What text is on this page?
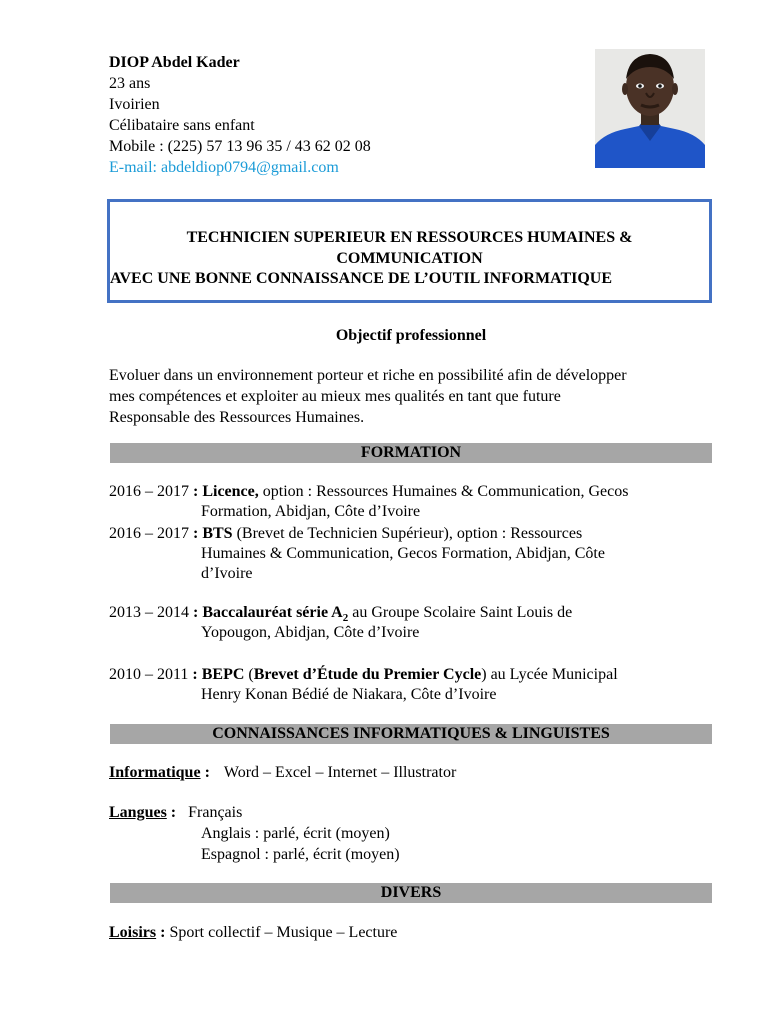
DIOP Abdel Kader
23 ans
Ivoirien
Célibataire sans enfant
Mobile : (225) 57 13 96 35 / 43 62 02 08
E-mail: abdeldiop0794@gmail.com
TECHNICIEN SUPERIEUR EN RESSOURCES HUMAINES &
COMMUNICATION
AVEC UNE BONNE CONNAISSANCE DE L’OUTIL INFORMATIQUE
Objectif professionnel
Evoluer dans un environnement porteur et riche en possibilité afin de développer
mes compétences et exploiter au mieux mes qualités en tant que future
Responsable des Ressources Humaines.
FORMATION
2016 – 2017 : Licence, option : Ressources Humaines & Communication, Gecos
Formation, Abidjan, Côte d’Ivoire
2016 – 2017 : BTS (Brevet de Technicien Supérieur), option : Ressources
Humaines & Communication, Gecos Formation, Abidjan, Côte
d’Ivoire
2013 – 2014 : Baccalauréat série $A_2$ au Groupe Scolaire Saint Louis de
Yopougon, Abidjan, Côte d’Ivoire
2010 – 2011 : BEPC (Brevet d’Étude du Premier Cycle) au Lycée Municipal
Henry Konan Bédié de Niakara, Côte d’Ivoire
CONNAISSANCES INFORMATIQUES & LINGUISTES
Informatique : Word – Excel – Internet – Illustrator
Langues : Français
Anglais : parlé, écrit (moyen)
Espagnol : parlé, écrit (moyen)
DIVERS
Loisirs : Sport collectif – Musique – Lecture
